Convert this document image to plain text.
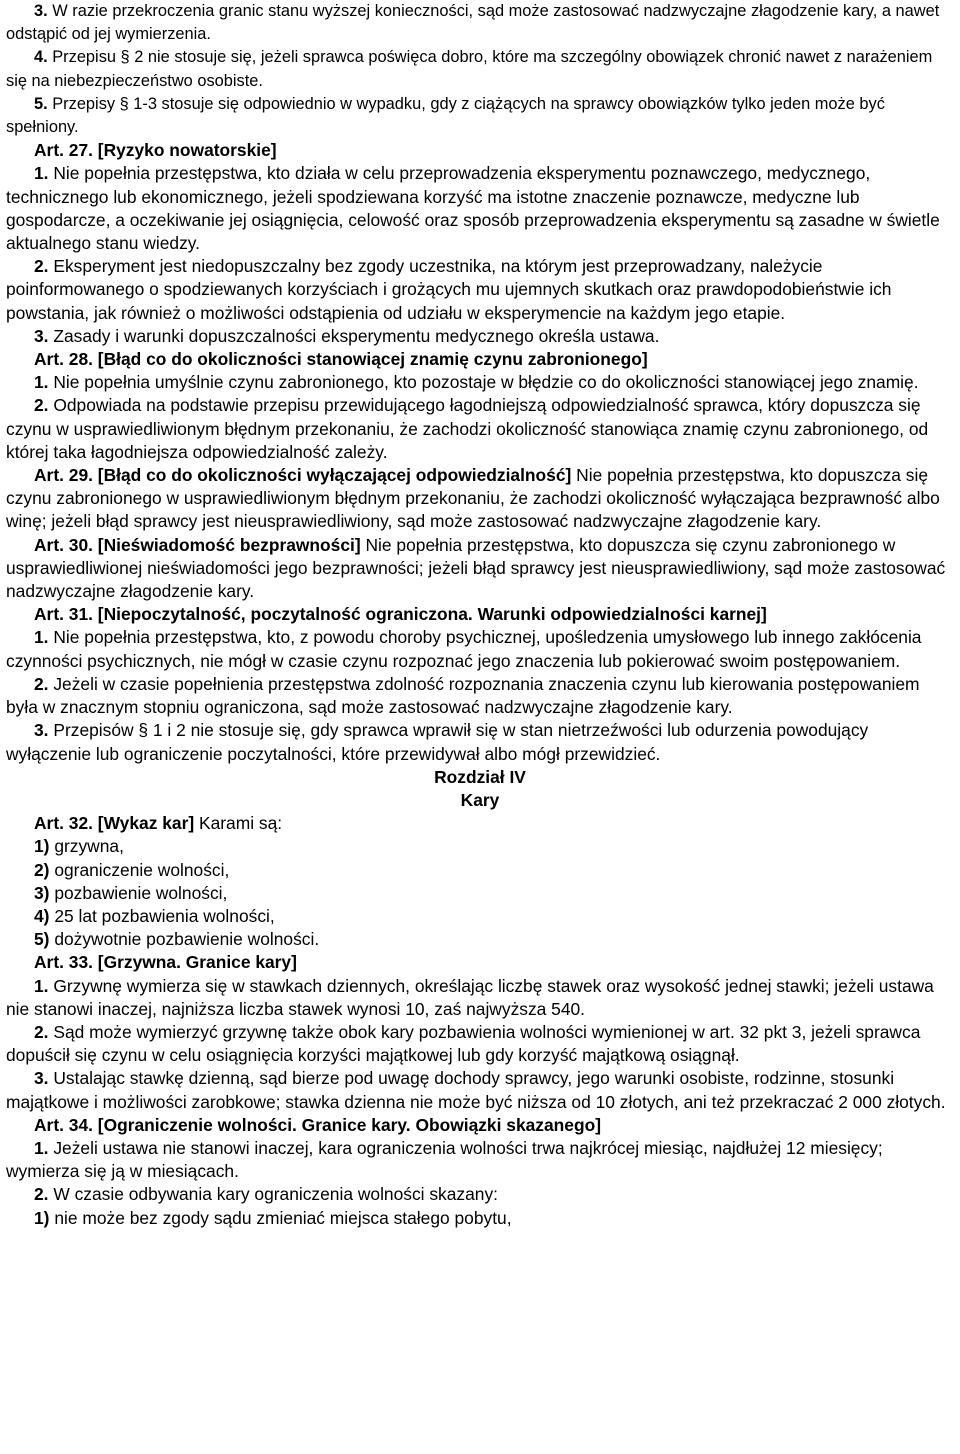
3. W razie przekroczenia granic stanu wyższej konieczności, sąd może zastosować nadzwyczajne złagodzenie kary, a nawet odstąpić od jej wymierzenia.

4. Przepisu § 2 nie stosuje się, jeżeli sprawca poświęca dobro, które ma szczególny obowiązek chronić nawet z narażeniem się na niebezpieczeństwo osobiste.

5. Przepisy § 1-3 stosuje się odpowiednio w wypadku, gdy z ciążących na sprawcy obowiązków tylko jeden może być spełniony.

Art. 27. [Ryzyko nowatorskie]

1. Nie popełnia przestępstwa, kto działa w celu przeprowadzenia eksperymentu poznawczego, medycznego, technicznego lub ekonomicznego, jeżeli spodziewana korzyść ma istotne znaczenie poznawcze, medyczne lub gospodarcze, a oczekiwanie jej osiągnięcia, celowość oraz sposób przeprowadzenia eksperymentu są zasadne w świetle aktualnego stanu wiedzy.

2. Eksperyment jest niedopuszczalny bez zgody uczestnika, na którym jest przeprowadzany, należycie poinformowanego o spodziewanych korzyściach i grożących mu ujemnych skutkach oraz prawdopodobieństwie ich powstania, jak również o możliwości odstąpienia od udziału w eksperymencie na każdym jego etapie.

3. Zasady i warunki dopuszczalności eksperymentu medycznego określa ustawa.

Art. 28. [Błąd co do okoliczności stanowiącej znamię czynu zabronionego]

1. Nie popełnia umyślnie czynu zabronionego, kto pozostaje w błędzie co do okoliczności stanowiącej jego znamię.

2. Odpowiada na podstawie przepisu przewidującego łagodniejszą odpowiedzialność sprawca, który dopuszcza się czynu w usprawiedliwionym błędnym przekonaniu, że zachodzi okoliczność stanowiąca znamię czynu zabronionego, od której taka łagodniejsza odpowiedzialność zależy.

Art. 29. [Błąd co do okoliczności wyłączającej odpowiedzialność] Nie popełnia przestępstwa, kto dopuszcza się czynu zabronionego w usprawiedliwionym błędnym przekonaniu, że zachodzi okoliczność wyłączająca bezprawność albo winę; jeżeli błąd sprawcy jest nieusprawiedliwiony, sąd może zastosować nadzwyczajne złagodzenie kary.

Art. 30. [Nieświadomość bezprawności] Nie popełnia przestępstwa, kto dopuszcza się czynu zabronionego w usprawiedliwionej nieświadomości jego bezprawności; jeżeli błąd sprawcy jest nieusprawiedliwiony, sąd może zastosować nadzwyczajne złagodzenie kary.

Art. 31. [Niepoczytalność, poczytalność ograniczona. Warunki odpowiedzialności karnej]

1. Nie popełnia przestępstwa, kto, z powodu choroby psychicznej, upośledzenia umysłowego lub innego zakłócenia czynności psychicznych, nie mógł w czasie czynu rozpoznać jego znaczenia lub pokierować swoim postępowaniem.

2. Jeżeli w czasie popełnienia przestępstwa zdolność rozpoznania znaczenia czynu lub kierowania postępowaniem była w znacznym stopniu ograniczona, sąd może zastosować nadzwyczajne złagodzenie kary.

3. Przepisów § 1 i 2 nie stosuje się, gdy sprawca wprawił się w stan nietrzeźwości lub odurzenia powodujący wyłączenie lub ograniczenie poczytalności, które przewidywał albo mógł przewidzieć.

Rozdział IV

Kary

Art. 32. [Wykaz kar] Karami są:

1) grzywna,

2) ograniczenie wolności,

3) pozbawienie wolności,

4) 25 lat pozbawienia wolności,

5) dożywotnie pozbawienie wolności.

Art. 33. [Grzywna. Granice kary]

1. Grzywnę wymierza się w stawkach dziennych, określając liczbę stawek oraz wysokość jednej stawki; jeżeli ustawa nie stanowi inaczej, najniższa liczba stawek wynosi 10, zaś najwyższa 540.

2. Sąd może wymierzyć grzywnę także obok kary pozbawienia wolności wymienionej w art. 32 pkt 3, jeżeli sprawca dopuścił się czynu w celu osiągnięcia korzyści majątkowej lub gdy korzyść majątkową osiągnął.

3. Ustalając stawkę dzienną, sąd bierze pod uwagę dochody sprawcy, jego warunki osobiste, rodzinne, stosunki majątkowe i możliwości zarobkowe; stawka dzienna nie może być niższa od 10 złotych, ani też przekraczać 2 000 złotych.

Art. 34. [Ograniczenie wolności. Granice kary. Obowiązki skazanego]

1. Jeżeli ustawa nie stanowi inaczej, kara ograniczenia wolności trwa najkrócej miesiąc, najdłużej 12 miesięcy; wymierza się ją w miesiącach.

2. W czasie odbywania kary ograniczenia wolności skazany:

1) nie może bez zgody sądu zmieniać miejsca stałego pobytu,
